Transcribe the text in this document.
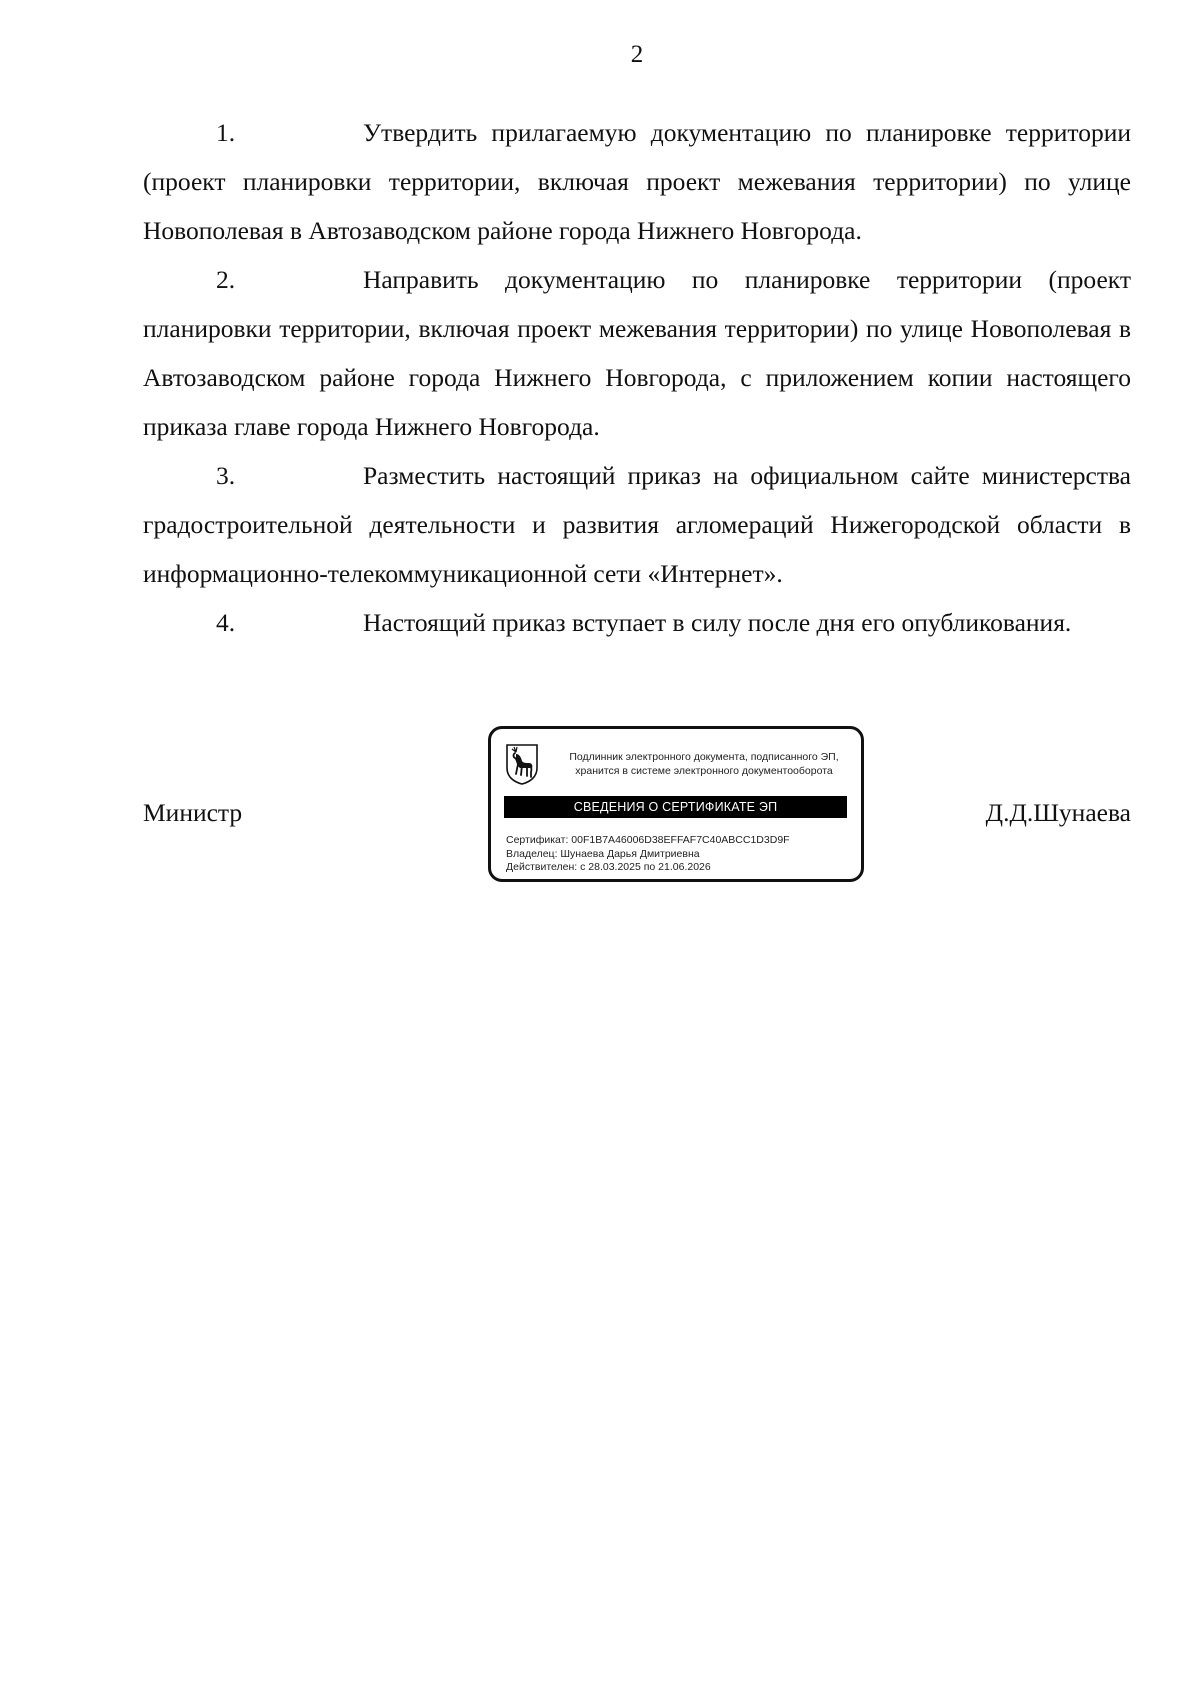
2

1.	Утвердить прилагаемую документацию по планировке территории (проект планировки территории, включая проект межевания территории) по улице Новополевая в Автозаводском районе города Нижнего Новгорода.

2.	Направить документацию по планировке территории (проект планировки территории, включая проект межевания территории) по улице Новополевая в Автозаводском районе города Нижнего Новгорода, с приложением копии настоящего приказа главе города Нижнего Новгорода.

3.	Разместить настоящий приказ на официальном сайте министерства градостроительной деятельности и развития агломераций Нижегородской области в информационно-телекоммуникационной сети «Интернет».

4.	Настоящий приказ вступает в силу после дня его опубликования.

Министр	Д.Д.Шунаева
Подлинник электронного документа, подписанного ЭП,
хранится в системе электронного документооборота
СВЕДЕНИЯ О СЕРТИФИКАТЕ ЭП
Сертификат: 00F1B7A46006D38EFFAF7C40ABCC1D3D9F
Владелец: Шунаева Дарья Дмитриевна
Действителен: с 28.03.2025 по 21.06.2026
